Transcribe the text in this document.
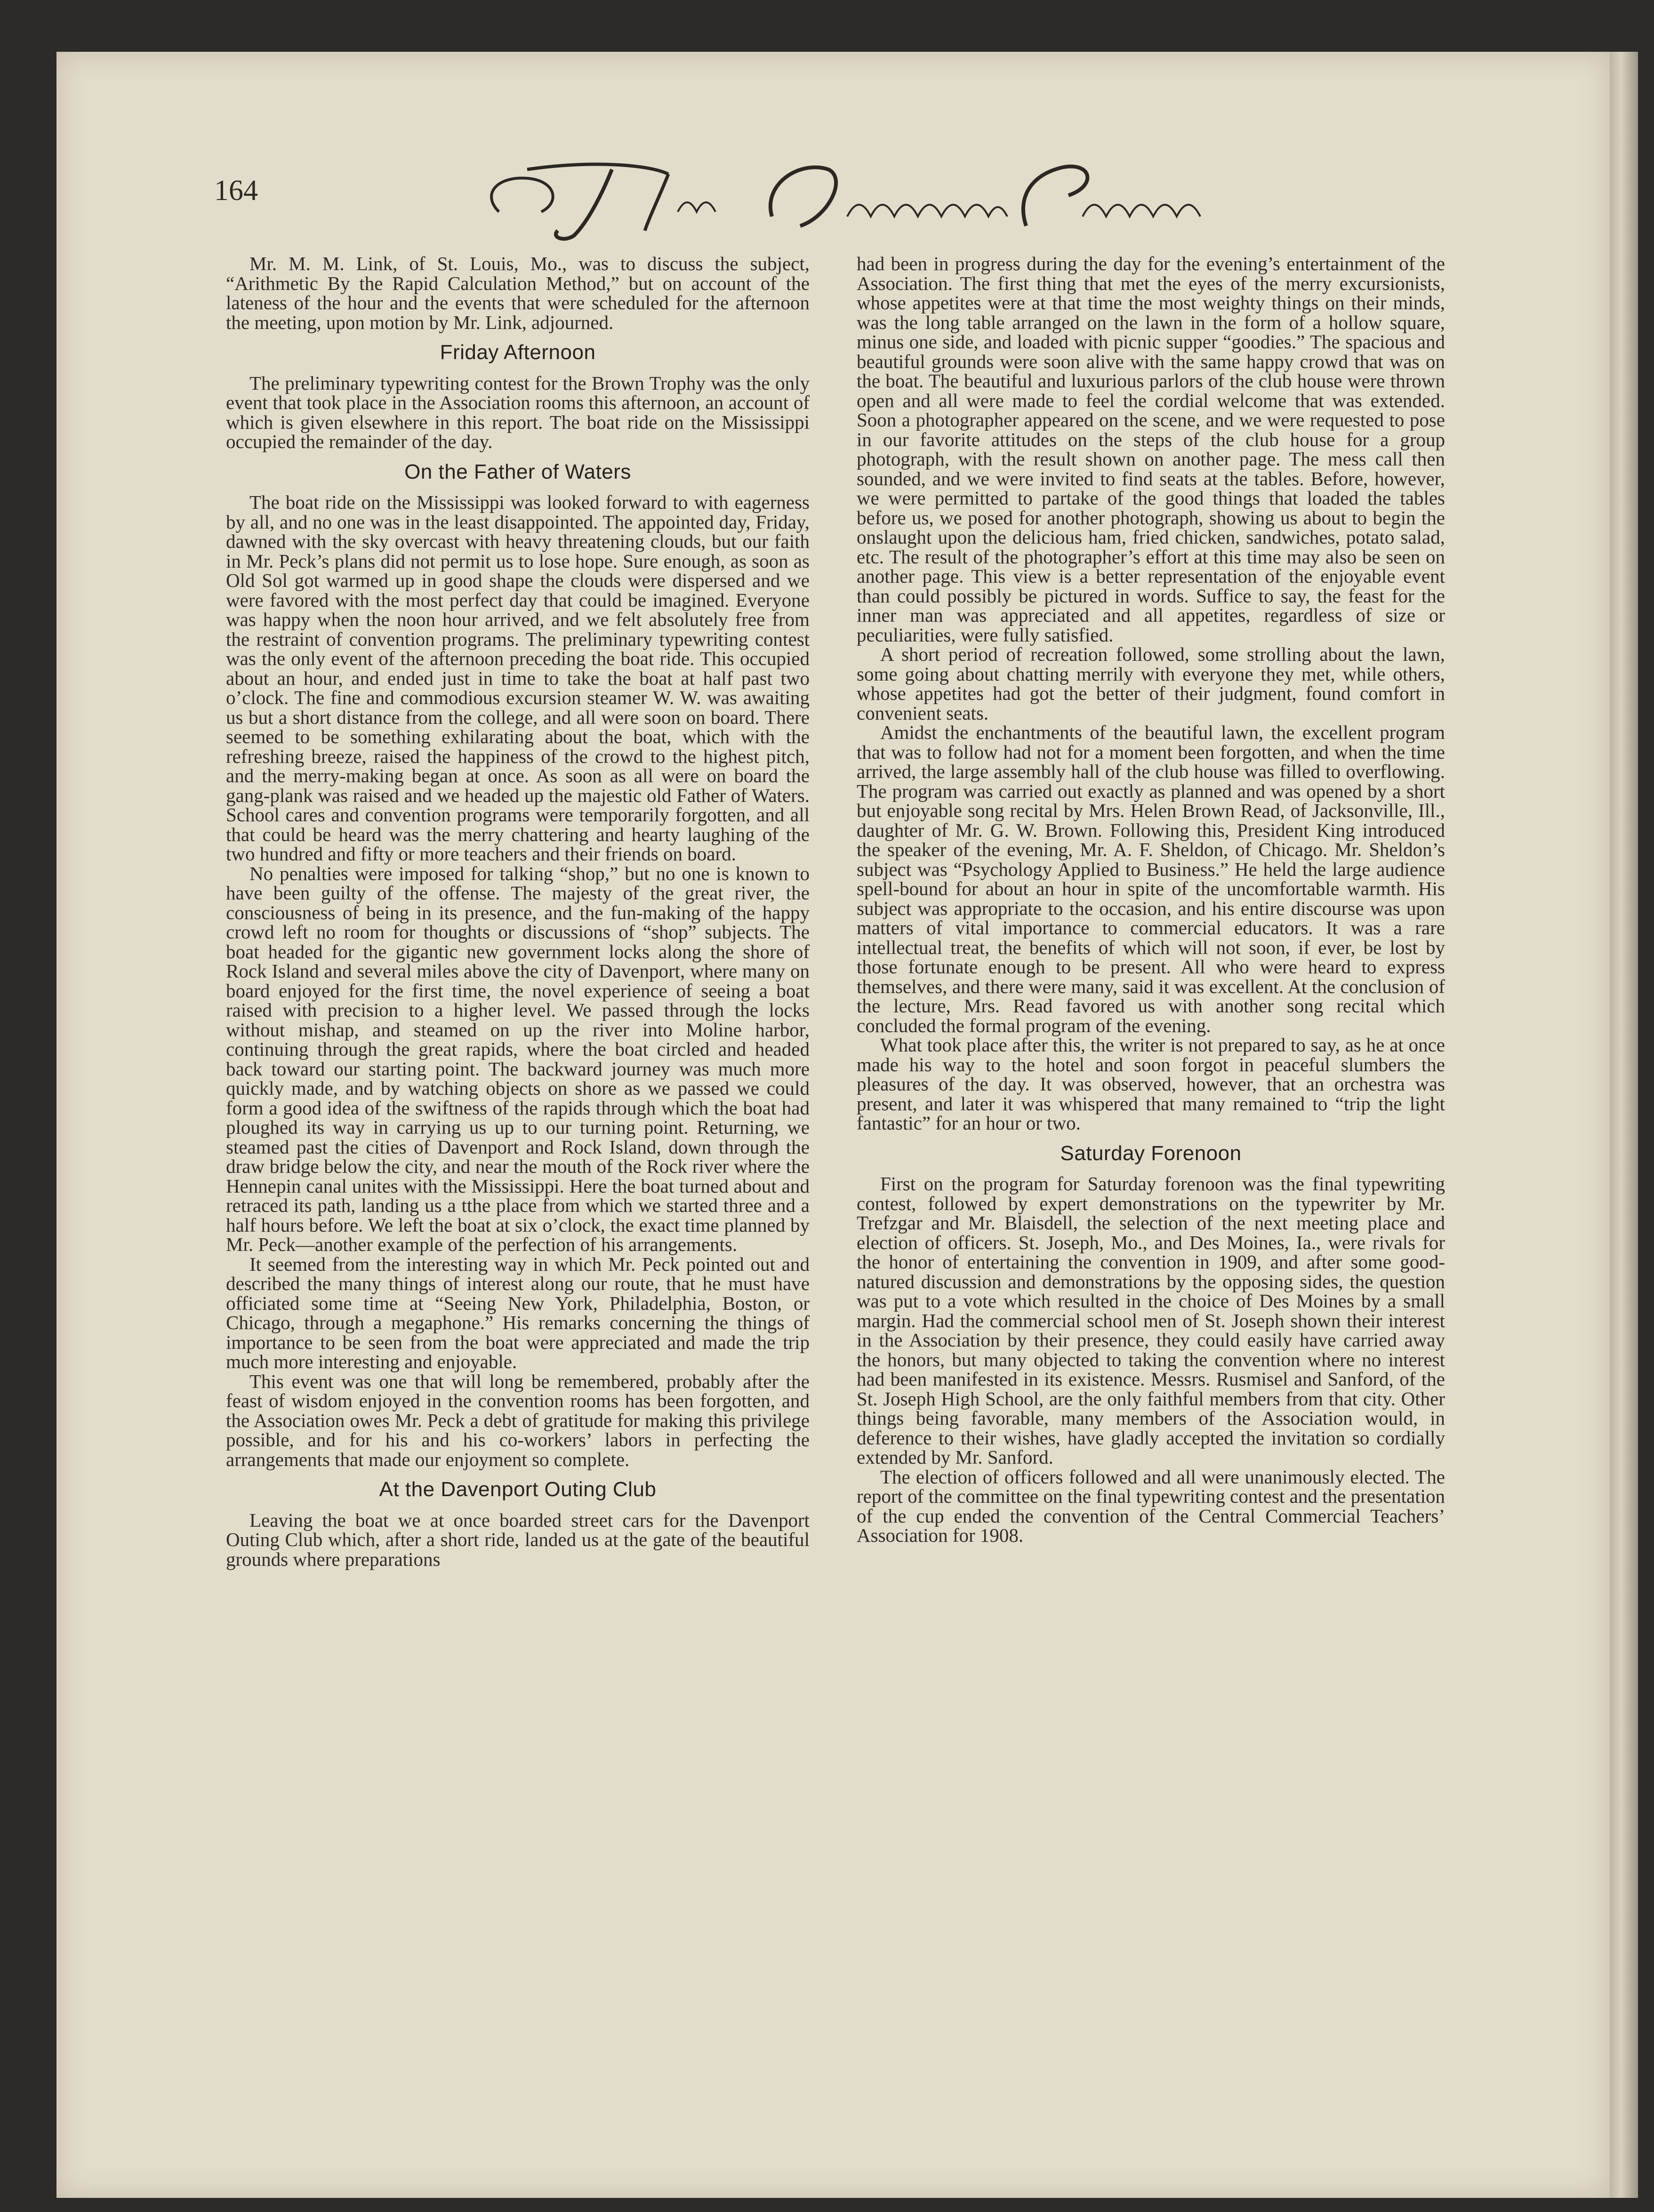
164

Mr. M. M. Link, of St. Louis, Mo., was to discuss the subject, “Arithmetic By the Rapid Calculation Method,” but on account of the lateness of the hour and the events that were scheduled for the afternoon the meeting, upon motion by Mr. Link, adjourned.

Friday Afternoon

The preliminary typewriting contest for the Brown Trophy was the only event that took place in the Association rooms this afternoon, an account of which is given elsewhere in this report. The boat ride on the Mississippi occupied the remainder of the day.

On the Father of Waters

The boat ride on the Mississippi was looked forward to with eagerness by all, and no one was in the least disappointed. The appointed day, Friday, dawned with the sky overcast with heavy threatening clouds, but our faith in Mr. Peck’s plans did not permit us to lose hope. Sure enough, as soon as Old Sol got warmed up in good shape the clouds were dispersed and we were favored with the most perfect day that could be imagined. Everyone was happy when the noon hour arrived, and we felt absolutely free from the restraint of convention programs. The preliminary typewriting contest was the only event of the afternoon preceding the boat ride. This occupied about an hour, and ended just in time to take the boat at half past two o’clock. The fine and commodious excursion steamer W. W. was awaiting us but a short distance from the college, and all were soon on board. There seemed to be something exhilarating about the boat, which with the refreshing breeze, raised the happiness of the crowd to the highest pitch, and the merry-making began at once. As soon as all were on board the gang-plank was raised and we headed up the majestic old Father of Waters. School cares and convention programs were temporarily forgotten, and all that could be heard was the merry chattering and hearty laughing of the two hundred and fifty or more teachers and their friends on board.

No penalties were imposed for talking “shop,” but no one is known to have been guilty of the offense. The majesty of the great river, the consciousness of being in its presence, and the fun-making of the happy crowd left no room for thoughts or discussions of “shop” subjects. The boat headed for the gigantic new government locks along the shore of Rock Island and several miles above the city of Davenport, where many on board enjoyed for the first time, the novel experience of seeing a boat raised with precision to a higher level. We passed through the locks without mishap, and steamed on up the river into Moline harbor, continuing through the great rapids, where the boat circled and headed back toward our starting point. The backward journey was much more quickly made, and by watching objects on shore as we passed we could form a good idea of the swiftness of the rapids through which the boat had ploughed its way in carrying us up to our turning point. Returning, we steamed past the cities of Davenport and Rock Island, down through the draw bridge below the city, and near the mouth of the Rock river where the Hennepin canal unites with the Mississippi. Here the boat turned about and retraced its path, landing us a tthe place from which we started three and a half hours before. We left the boat at six o’clock, the exact time planned by Mr. Peck—another example of the perfection of his arrangements.

It seemed from the interesting way in which Mr. Peck pointed out and described the many things of interest along our route, that he must have officiated some time at “Seeing New York, Philadelphia, Boston, or Chicago, through a megaphone.” His remarks concerning the things of importance to be seen from the boat were appreciated and made the trip much more interesting and enjoyable.

This event was one that will long be remembered, probably after the feast of wisdom enjoyed in the convention rooms has been forgotten, and the Association owes Mr. Peck a debt of gratitude for making this privilege possible, and for his and his co-workers’ labors in perfecting the arrangements that made our enjoyment so complete.

At the Davenport Outing Club

Leaving the boat we at once boarded street cars for the Davenport Outing Club which, after a short ride, landed us at the gate of the beautiful grounds where preparations

had been in progress during the day for the evening’s entertainment of the Association. The first thing that met the eyes of the merry excursionists, whose appetites were at that time the most weighty things on their minds, was the long table arranged on the lawn in the form of a hollow square, minus one side, and loaded with picnic supper “goodies.” The spacious and beautiful grounds were soon alive with the same happy crowd that was on the boat. The beautiful and luxurious parlors of the club house were thrown open and all were made to feel the cordial welcome that was extended. Soon a photographer appeared on the scene, and we were requested to pose in our favorite attitudes on the steps of the club house for a group photograph, with the result shown on another page. The mess call then sounded, and we were invited to find seats at the tables. Before, however, we were permitted to partake of the good things that loaded the tables before us, we posed for another photograph, showing us about to begin the onslaught upon the delicious ham, fried chicken, sandwiches, potato salad, etc. The result of the photographer’s effort at this time may also be seen on another page. This view is a better representation of the enjoyable event than could possibly be pictured in words. Suffice to say, the feast for the inner man was appreciated and all appetites, regardless of size or peculiarities, were fully satisfied.

A short period of recreation followed, some strolling about the lawn, some going about chatting merrily with everyone they met, while others, whose appetites had got the better of their judgment, found comfort in convenient seats.

Amidst the enchantments of the beautiful lawn, the excellent program that was to follow had not for a moment been forgotten, and when the time arrived, the large assembly hall of the club house was filled to overflowing. The program was carried out exactly as planned and was opened by a short but enjoyable song recital by Mrs. Helen Brown Read, of Jacksonville, Ill., daughter of Mr. G. W. Brown. Following this, President King introduced the speaker of the evening, Mr. A. F. Sheldon, of Chicago. Mr. Sheldon’s subject was “Psychology Applied to Business.” He held the large audience spell-bound for about an hour in spite of the uncomfortable warmth. His subject was appropriate to the occasion, and his entire discourse was upon matters of vital importance to commercial educators. It was a rare intellectual treat, the benefits of which will not soon, if ever, be lost by those fortunate enough to be present. All who were heard to express themselves, and there were many, said it was excellent. At the conclusion of the lecture, Mrs. Read favored us with another song recital which concluded the formal program of the evening.

What took place after this, the writer is not prepared to say, as he at once made his way to the hotel and soon forgot in peaceful slumbers the pleasures of the day. It was observed, however, that an orchestra was present, and later it was whispered that many remained to “trip the light fantastic” for an hour or two.

Saturday Forenoon

First on the program for Saturday forenoon was the final typewriting contest, followed by expert demonstrations on the typewriter by Mr. Trefzgar and Mr. Blaisdell, the selection of the next meeting place and election of officers. St. Joseph, Mo., and Des Moines, Ia., were rivals for the honor of entertaining the convention in 1909, and after some good-natured discussion and demonstrations by the opposing sides, the question was put to a vote which resulted in the choice of Des Moines by a small margin. Had the commercial school men of St. Joseph shown their interest in the Association by their presence, they could easily have carried away the honors, but many objected to taking the convention where no interest had been manifested in its existence. Messrs. Rusmisel and Sanford, of the St. Joseph High School, are the only faithful members from that city. Other things being favorable, many members of the Association would, in deference to their wishes, have gladly accepted the invitation so cordially extended by Mr. Sanford.

The election of officers followed and all were unanimously elected. The report of the committee on the final typewriting contest and the presentation of the cup ended the convention of the Central Commercial Teachers’ Association for 1908.
